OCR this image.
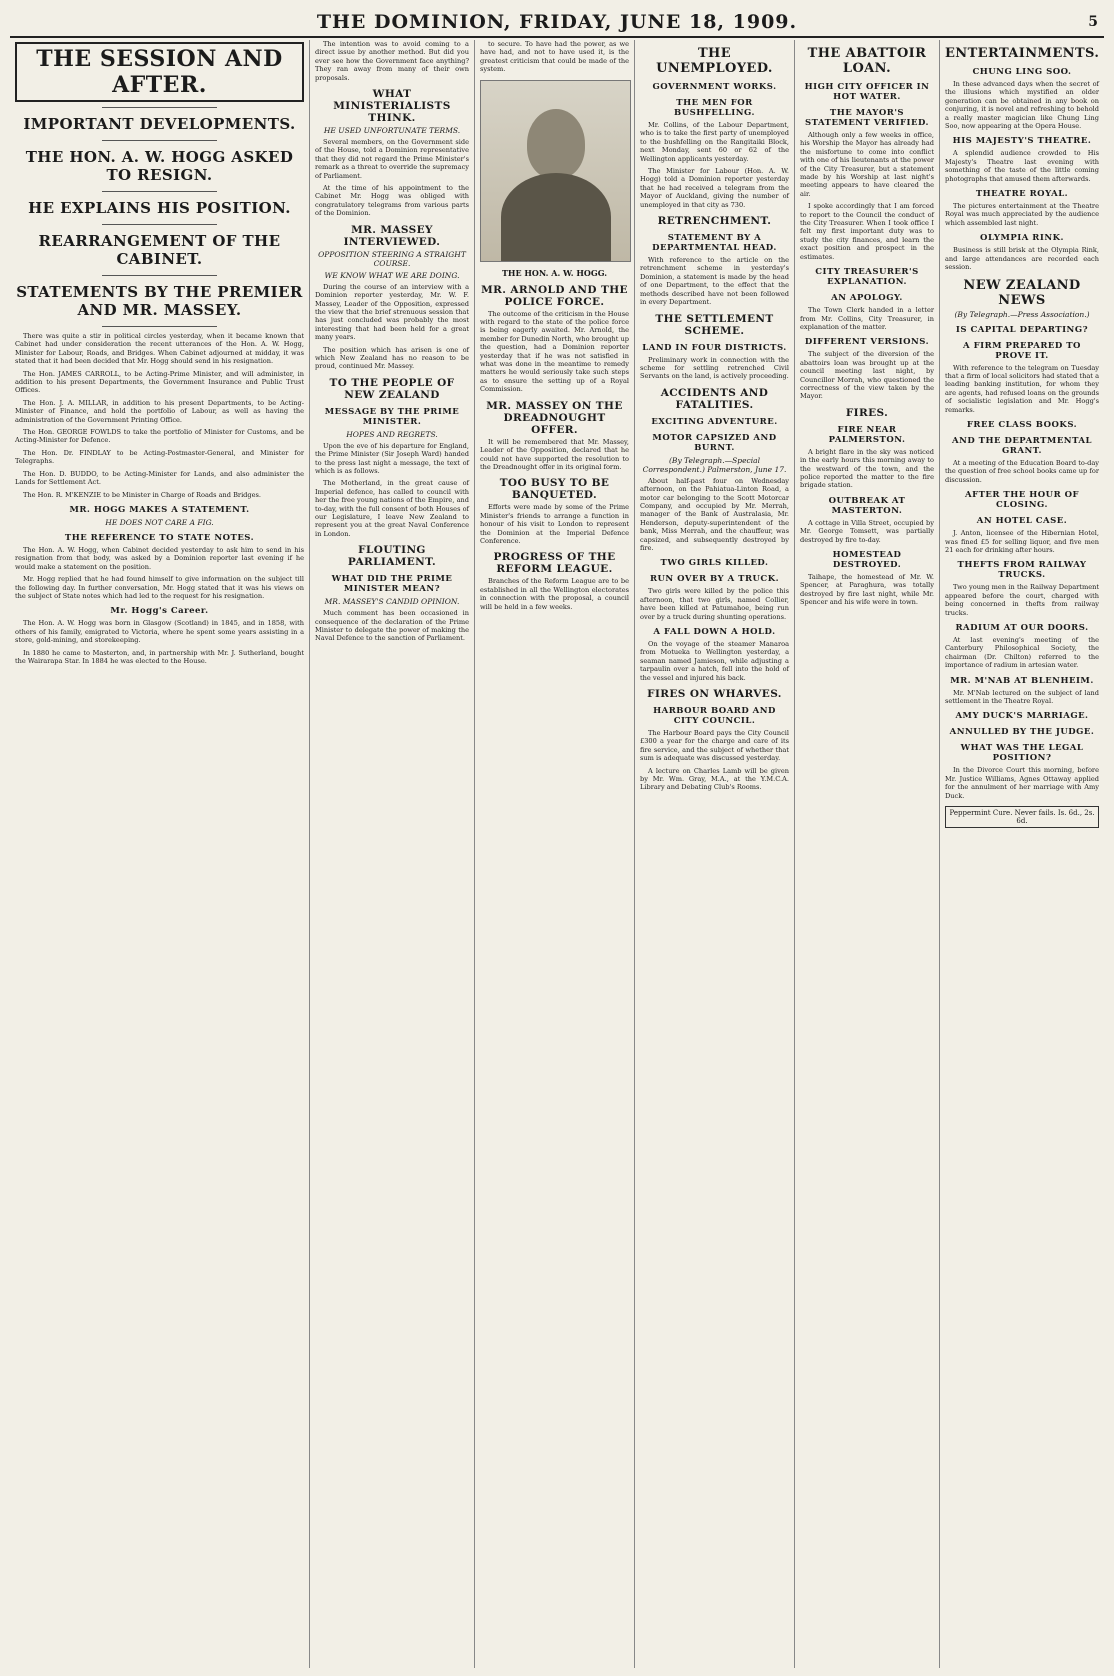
THE DOMINION, FRIDAY, JUNE 18, 1909.	5
THE SESSION AND AFTER.
IMPORTANT DEVELOPMENTS.
THE HON. A. W. HOGG ASKED TO RESIGN.
HE EXPLAINS HIS POSITION.
REARRANGEMENT OF THE CABINET.
STATEMENTS BY THE PREMIER AND MR. MASSEY.

There was quite a stir in political circles yesterday, when it became known that Cabinet had under consideration the recent utterances of the Hon. A. W. Hogg, Minister for Labour, Roads, and Bridges. When Cabinet adjourned at midday, it was stated that it had been decided that Mr. Hogg should send in his resignation.

The Hon. JAMES CARROLL, to be Acting-Prime Minister, and will administer, in addition to his present Departments, the Government Insurance and Public Trust Offices.

The Hon. J. A. MILLAR, in addition to his present Departments, to be Acting-Minister of Finance, and hold the portfolio of Labour, as well as having the administration of the Government Printing Office.

The Hon. GEORGE FOWLDS to take the portfolio of Minister for Customs, and be Acting-Minister for Defence.

The Hon. Dr. FINDLAY to be Acting-Postmaster-General, and Minister for Telegraphs.

The Hon. D. BUDDO, to be Acting-Minister for Lands, and also administer the Lands for Settlement Act.

The Hon. R. M'KENZIE to be Minister in Charge of Roads and Bridges.

MR. HOGG MAKES A STATEMENT.
HE DOES NOT CARE A FIG.
THE REFERENCE TO STATE NOTES.

The Hon. A. W. Hogg, when Cabinet decided yesterday to ask him to send in his resignation from that body, was asked by a Dominion reporter last evening if he would make a statement on the position.

Mr. Hogg replied that he had found himself to give information on the subject till the following day. In further conversation, Mr. Hogg stated that it was his views on the subject of State notes which had led to the request for his resignation.

Mr. Hogg's Career.

The Hon. A. W. Hogg was born in Glasgow (Scotland) in 1845, and in 1858, with others of his family, emigrated to Victoria, where he spent some years assisting in a store, gold-mining, and storekeeping.

In 1880 he came to Masterton, and, in partnership with Mr. J. Sutherland, bought the Wairarapa Star. In 1884 he was elected to the House.

The intention was to avoid coming to a direct issue by another method. But did you ever see how the Government face anything? They ran away from many of their own proposals.

WHAT MINISTERIALISTS THINK.
HE USED UNFORTUNATE TERMS.

Several members, on the Government side of the House, told a Dominion representative that they did not regard the Prime Minister's remark as a threat to override the supremacy of Parliament.

At the time of his appointment to the Cabinet Mr. Hogg was obliged with congratulatory telegrams from various parts of the Dominion.

MR. MASSEY INTERVIEWED.
OPPOSITION STEERING A STRAIGHT COURSE.
WE KNOW WHAT WE ARE DOING.

During the course of an interview with a Dominion reporter yesterday, Mr. W. F. Massey, Leader of the Opposition, expressed the view that the brief strenuous session that has just concluded was probably the most interesting that had been held for a great many years.

The position which has arisen is one of which New Zealand has no reason to be proud, continued Mr. Massey.

TO THE PEOPLE OF NEW ZEALAND
MESSAGE BY THE PRIME MINISTER.
HOPES AND REGRETS.

Upon the eve of his departure for England, the Prime Minister (Sir Joseph Ward) handed to the press last night a message, the text of which is as follows.

The Motherland, in the great cause of Imperial defence, has called to council with her the free young nations of the Empire, and to-day, with the full consent of both Houses of our Legislature, I leave New Zealand to represent you at the great Naval Conference in London.

FLOUTING PARLIAMENT.
WHAT DID THE PRIME MINISTER MEAN?
MR. MASSEY'S CANDID OPINION.

Much comment has been occasioned in consequence of the declaration of the Prime Minister to delegate the power of making the Naval Defence to the sanction of Parliament.

to secure. To have had the power, as we have had, and not to have used it, is the greatest criticism that could be made of the system.

THE HON. A. W. HOGG.
MR. ARNOLD AND THE POLICE FORCE.

The outcome of the criticism in the House with regard to the state of the police force is being eagerly awaited. Mr. Arnold, the member for Dunedin North, who brought up the question, had a Dominion reporter yesterday that if he was not satisfied in what was done in the meantime to remedy matters he would seriously take such steps as to ensure the setting up of a Royal Commission.

MR. MASSEY ON THE DREADNOUGHT OFFER.

It will be remembered that Mr. Massey, Leader of the Opposition, declared that he could not have supported the resolution to the Dreadnought offer in its original form.

TOO BUSY TO BE BANQUETED.

Efforts were made by some of the Prime Minister's friends to arrange a function in honour of his visit to London to represent the Dominion at the Imperial Defence Conference.

PROGRESS OF THE REFORM LEAGUE.

Branches of the Reform League are to be established in all the Wellington electorates in connection with the proposal, a council will be held in a few weeks.

THE UNEMPLOYED.
GOVERNMENT WORKS.
THE MEN FOR BUSHFELLING.

Mr. Collins, of the Labour Department, who is to take the first party of unemployed to the bushfelling on the Rangitaiki Block, next Monday, sent 60 or 62 of the Wellington applicants yesterday.

The Minister for Labour (Hon. A. W. Hogg) told a Dominion reporter yesterday that he had received a telegram from the Mayor of Auckland, giving the number of unemployed in that city as 730.

RETRENCHMENT.
STATEMENT BY A DEPARTMENTAL HEAD.

With reference to the article on the retrenchment scheme in yesterday's Dominion, a statement is made by the head of one Department, to the effect that the methods described have not been followed in every Department.

THE SETTLEMENT SCHEME.
LAND IN FOUR DISTRICTS.

Preliminary work in connection with the scheme for settling retrenched Civil Servants on the land, is actively proceeding.

ACCIDENTS AND FATALITIES.
EXCITING ADVENTURE.
MOTOR CAPSIZED AND BURNT.
(By Telegraph.—Special Correspondent.) Palmerston, June 17.

About half-past four on Wednesday afternoon, on the Pahiatua-Linton Road, a motor car belonging to the Scott Motorcar Company, and occupied by Mr. Merrah, manager of the Bank of Australasia, Mr. Henderson, deputy-superintendent of the bank, Miss Merrah, and the chauffeur, was capsized, and subsequently destroyed by fire.

TWO GIRLS KILLED.
RUN OVER BY A TRUCK.

Two girls were killed by the police this afternoon, that two girls, named Collier, have been killed at Patumahoe, being run over by a truck during shunting operations.

A FALL DOWN A HOLD.

On the voyage of the steamer Manaroa from Motueka to Wellington yesterday, a seaman named Jamieson, while adjusting a tarpaulin over a hatch, fell into the hold of the vessel and injured his back.

FIRES ON WHARVES.
HARBOUR BOARD AND CITY COUNCIL.

The Harbour Board pays the City Council £300 a year for the charge and care of its fire service, and the subject of whether that sum is adequate was discussed yesterday.

A lecture on Charles Lamb will be given by Mr. Wm. Gray, M.A., at the Y.M.C.A. Library and Debating Club's Rooms.

THE ABATTOIR LOAN.
HIGH CITY OFFICER IN HOT WATER.
THE MAYOR'S STATEMENT VERIFIED.

Although only a few weeks in office, his Worship the Mayor has already had the misfortune to come into conflict with one of his lieutenants at the power of the City Treasurer, but a statement made by his Worship at last night's meeting appears to have cleared the air.

I spoke accordingly that I am forced to report to the Council the conduct of the City Treasurer. When I took office I felt my first important duty was to study the city finances, and learn the exact position and prospect in the estimates.

CITY TREASURER'S EXPLANATION.
AN APOLOGY.

The Town Clerk handed in a letter from Mr. Collins, City Treasurer, in explanation of the matter.

DIFFERENT VERSIONS.

The subject of the diversion of the abattoirs loan was brought up at the council meeting last night, by Councillor Morrah, who questioned the correctness of the view taken by the Mayor.

FIRES.
FIRE NEAR PALMERSTON.

A bright flare in the sky was noticed in the early hours this morning away to the westward of the town, and the police reported the matter to the fire brigade station.

OUTBREAK AT MASTERTON.

A cottage in Villa Street, occupied by Mr. George Tomsett, was partially destroyed by fire to-day.

HOMESTEAD DESTROYED.

Taihape, the homestead of Mr. W. Spencer, at Paraghura, was totally destroyed by fire last night, while Mr. Spencer and his wife were in town.

ENTERTAINMENTS.
CHUNG LING SOO.

In these advanced days when the secret of the illusions which mystified an older generation can be obtained in any book on conjuring, it is novel and refreshing to behold a really master magician like Chung Ling Soo, now appearing at the Opera House.

HIS MAJESTY'S THEATRE.

A splendid audience crowded to His Majesty's Theatre last evening with something of the taste of the little coming photographs that amused them afterwards.

THEATRE ROYAL.

The pictures entertainment at the Theatre Royal was much appreciated by the audience which assembled last night.

OLYMPIA RINK.

Business is still brisk at the Olympia Rink, and large attendances are recorded each session.

NEW ZEALAND NEWS
(By Telegraph.—Press Association.)
IS CAPITAL DEPARTING?
A FIRM PREPARED TO PROVE IT.

With reference to the telegram on Tuesday that a firm of local solicitors had stated that a leading banking institution, for whom they are agents, had refused loans on the grounds of socialistic legislation and Mr. Hogg's remarks.

FREE CLASS BOOKS.
AND THE DEPARTMENTAL GRANT.

At a meeting of the Education Board to-day the question of free school books came up for discussion.

AFTER THE HOUR OF CLOSING.
AN HOTEL CASE.

J. Anton, licensee of the Hibernian Hotel, was fined £5 for selling liquor, and five men 21 each for drinking after hours.

THEFTS FROM RAILWAY TRUCKS.

Two young men in the Railway Department appeared before the court, charged with being concerned in thefts from railway trucks.

RADIUM AT OUR DOORS.

At last evening's meeting of the Canterbury Philosophical Society, the chairman (Dr. Chilton) referred to the importance of radium in artesian water.

MR. M'NAB AT BLENHEIM.

Mr. M'Nab lectured on the subject of land settlement in the Theatre Royal.

AMY DUCK'S MARRIAGE.
ANNULLED BY THE JUDGE.
WHAT WAS THE LEGAL POSITION?

In the Divorce Court this morning, before Mr. Justice Williams, Agnes Ottaway applied for the annulment of her marriage with Amy Duck.

Peppermint Cure. Never fails. Is. 6d., 2s. 6d.
